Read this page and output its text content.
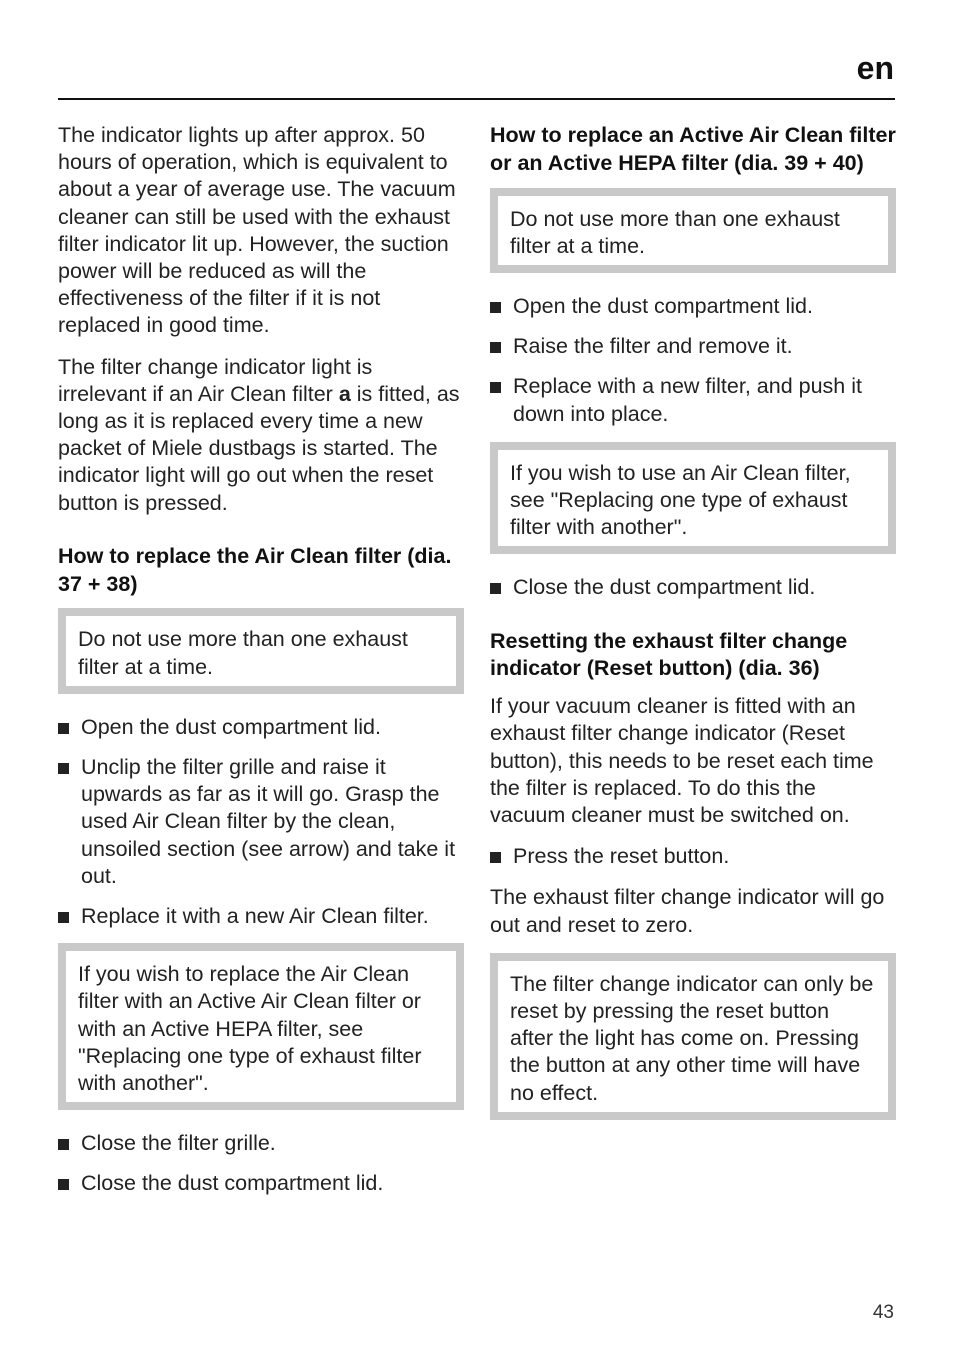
en

The indicator lights up after approx. 50 hours of operation, which is equivalent to about a year of average use. The vacuum cleaner can still be used with the exhaust filter indicator lit up. However, the suction power will be reduced as will the effectiveness of the filter if it is not replaced in good time.

The filter change indicator light is irrelevant if an Air Clean filter a is fitted, as long as it is replaced every time a new packet of Miele dustbags is started. The indicator light will go out when the reset button is pressed.

How to replace the Air Clean filter (dia. 37 + 38)

Do not use more than one exhaust filter at a time.

Open the dust compartment lid.
Unclip the filter grille and raise it upwards as far as it will go. Grasp the used Air Clean filter by the clean, unsoiled section (see arrow) and take it out.
Replace it with a new Air Clean filter.

If you wish to replace the Air Clean filter with an Active Air Clean filter or with an Active HEPA filter, see "Replacing one type of exhaust filter with another".

Close the filter grille.
Close the dust compartment lid.
How to replace an Active Air Clean filter or an Active HEPA filter (dia. 39 + 40)

Do not use more than one exhaust filter at a time.

Open the dust compartment lid.
Raise the filter and remove it.
Replace with a new filter, and push it down into place.

If you wish to use an Air Clean filter, see "Replacing one type of exhaust filter with another".

Close the dust compartment lid.
Resetting the exhaust filter change indicator (Reset button) (dia. 36)

If your vacuum cleaner is fitted with an exhaust filter change indicator (Reset button), this needs to be reset each time the filter is replaced. To do this the vacuum cleaner must be switched on.

Press the reset button.

The exhaust filter change indicator will go out and reset to zero.

The filter change indicator can only be reset by pressing the reset button after the light has come on. Pressing the button at any other time will have no effect.

43
